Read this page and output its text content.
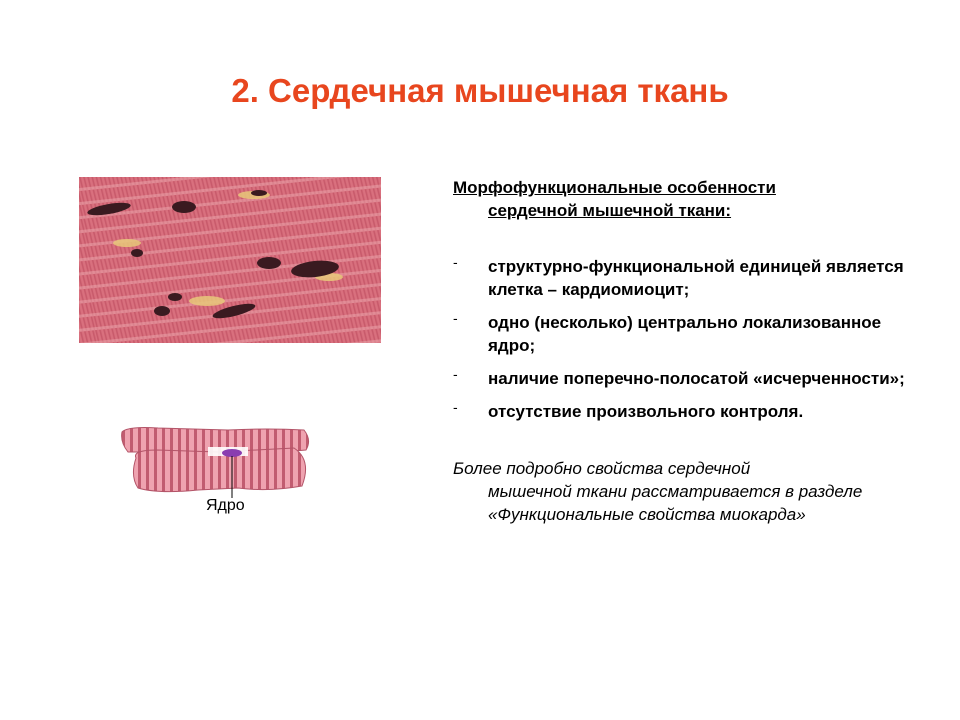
2. Сердечная мышечная ткань
Ядро
Морфофункциональные особенности
сердечной мышечной ткани:
- структурно-функциональной единицей является клетка – кардиомиоцит;
- одно (несколько) центрально локализованное ядро;
- наличие поперечно-полосатой «исчерченности»;
- отсутствие произвольного контроля.
Более подробно свойства сердечной
мышечной ткани рассматривается в разделе «Функциональные свойства миокарда»
